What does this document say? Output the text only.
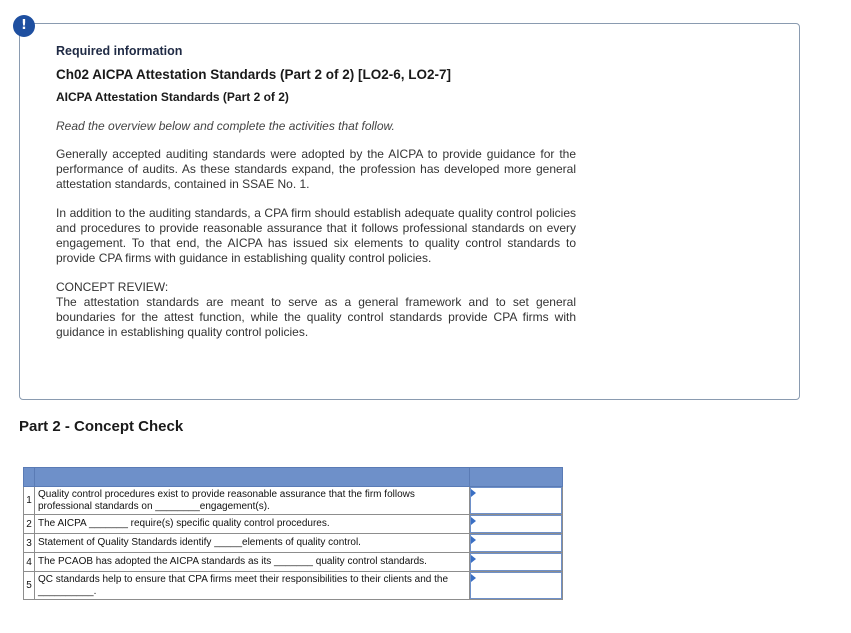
!

Required information

Ch02 AICPA Attestation Standards (Part 2 of 2) [LO2-6, LO2-7]

AICPA Attestation Standards (Part 2 of 2)

Read the overview below and complete the activities that follow.

Generally accepted auditing standards were adopted by the AICPA to provide guidance for the performance of audits. As these standards expand, the profession has developed more general attestation standards, contained in SSAE No. 1.

In addition to the auditing standards, a CPA firm should establish adequate quality control policies and procedures to provide reasonable assurance that it follows professional standards on every engagement. To that end, the AICPA has issued six elements to quality control standards to provide CPA firms with guidance in establishing quality control policies.

CONCEPT REVIEW:

The attestation standards are meant to serve as a general framework and to set general boundaries for the attest function, while the quality control standards provide CPA firms with guidance in establishing quality control policies.

Part 2 - Concept Check

1	Quality control procedures exist to provide reasonable assurance that the firm follows professional standards on ________engagement(s).	

2	The AICPA _______ require(s) specific quality control procedures.	

3	Statement of Quality Standards identify _____elements of quality control.	

4	The PCAOB has adopted the AICPA standards as its _______ quality control standards.	

5	QC standards help to ensure that CPA firms meet their responsibilities to their clients and the __________.	
